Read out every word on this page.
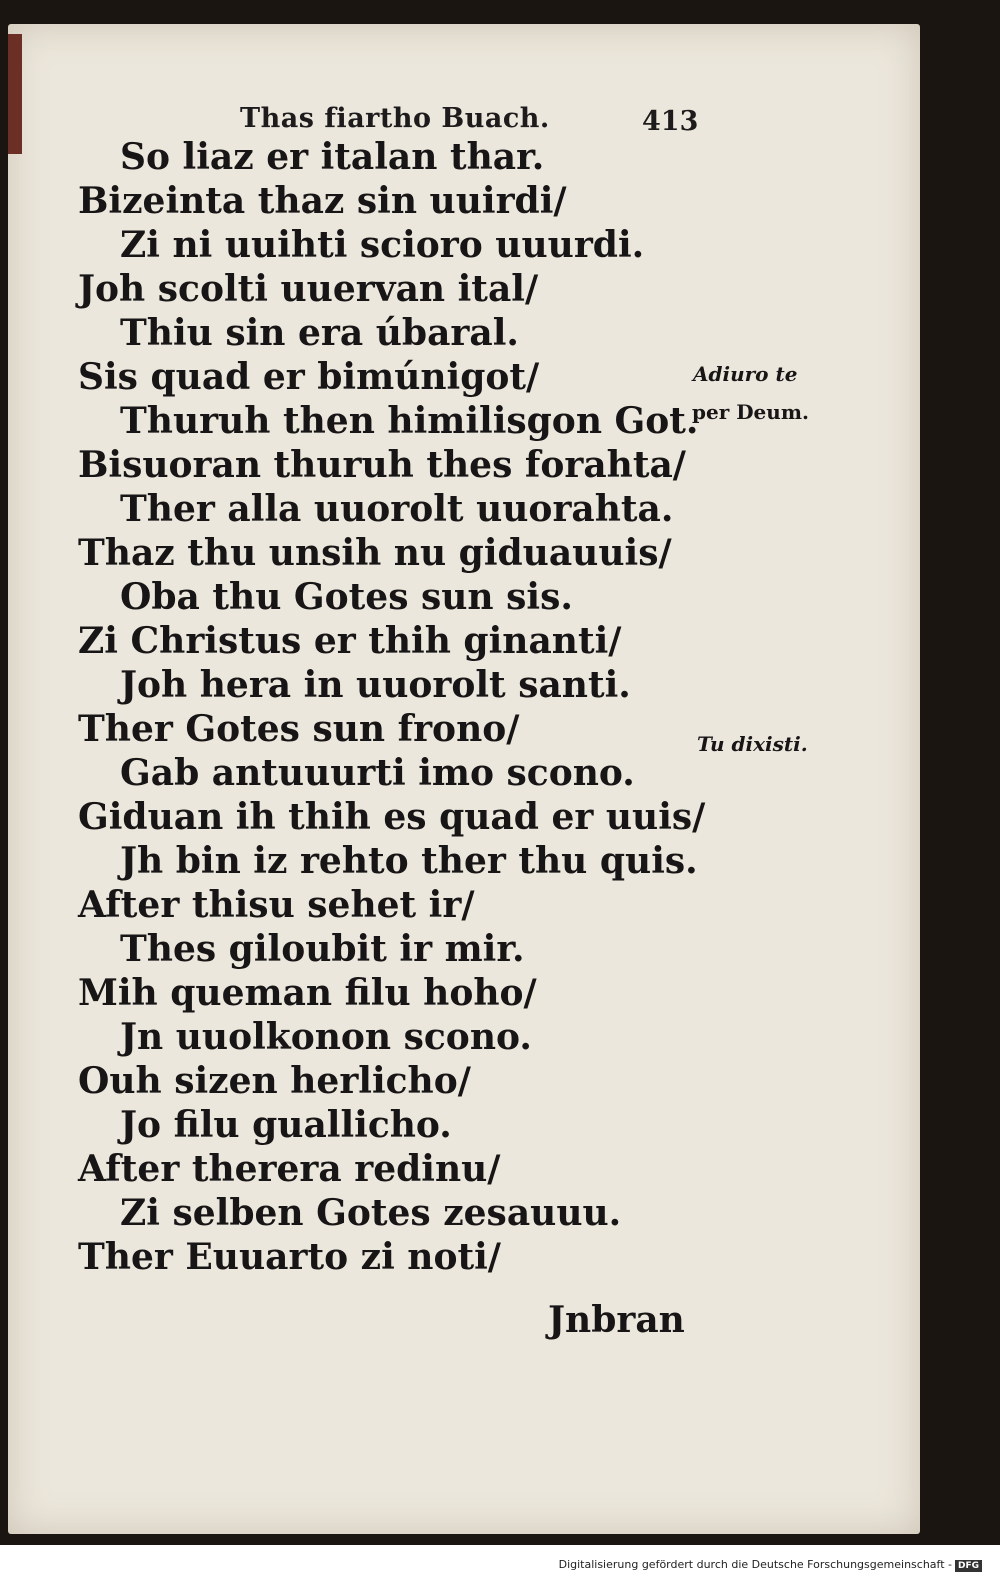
Thas fiartho Buach.	413
So liaz er italan thar.
Bizeinta thaz sin uuirdi/
Zi ni uuihti scioro uuurdi.
Joh scolti uuervan ital/
Thiu sin era úbaral.
Sis quad er bimúnigot/
Thuruh then himilisgon Got.
Bisuoran thuruh thes forahta/
Ther alla uuorolt uuorahta.
Thaz thu unsih nu giduauuis/
Oba thu Gotes sun sis.
Zi Christus er thih ginanti/
Joh hera in uuorolt santi.
Ther Gotes sun frono/
Gab antuuurti imo scono.
Giduan ih thih es quad er uuis/
Jh bin iz rehto ther thu quis.
After thisu sehet ir/
Thes giloubit ir mir.
Mih queman filu hoho/
Jn uuolkonon scono.
Ouh sizen herlicho/
Jo filu guallicho.
After therera redinu/
Zi selben Gotes zesauuu.
Ther Euuarto zi noti/
Adiuro te
per Deum.
Tu dixisti.
Jnbran
Digitalisierung gefördert durch die Deutsche Forschungsgemeinschaft - DFG
